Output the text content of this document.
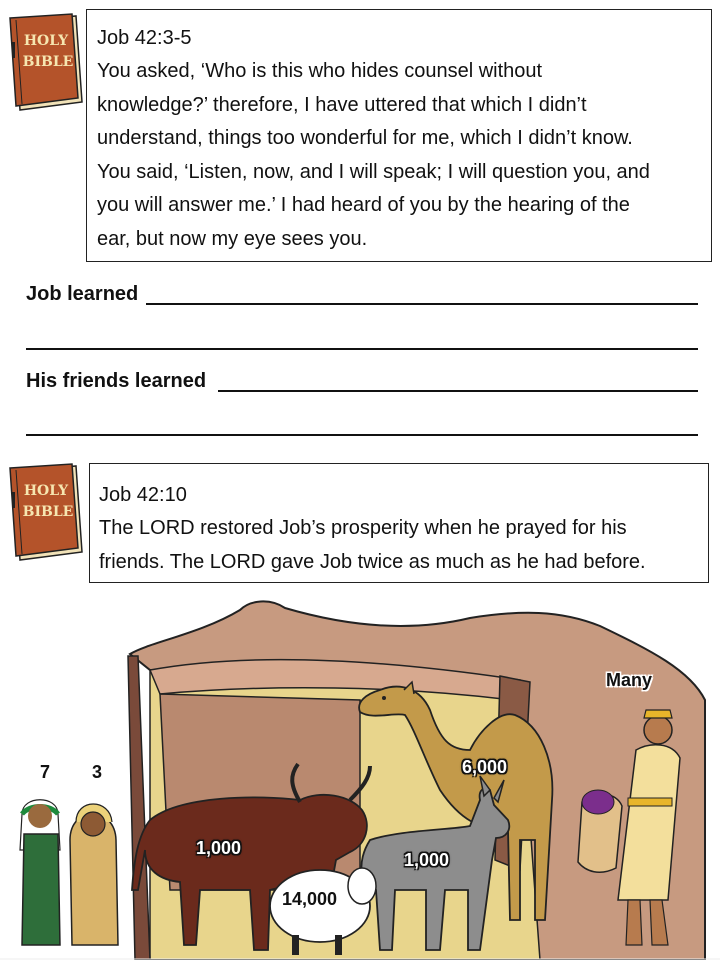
HOLY
BIBLE
Job 42:3-5
You asked, ‘Who is this who hides counsel without
knowledge?’ therefore, I have uttered that which I didn’t
understand, things too wonderful for me, which I didn’t know.
You said, ‘Listen, now, and I will speak; I will question you, and
you will answer me.’ I had heard of you by the hearing of the
ear, but now my eye sees you.
Job learned
His friends learned
HOLY
BIBLE
Job 42:10
The LORD restored Job’s prosperity when he prayed for his
friends. The LORD gave Job twice as much as he had before.
7 3
1,000
14,000
1,000
6,000
Many
